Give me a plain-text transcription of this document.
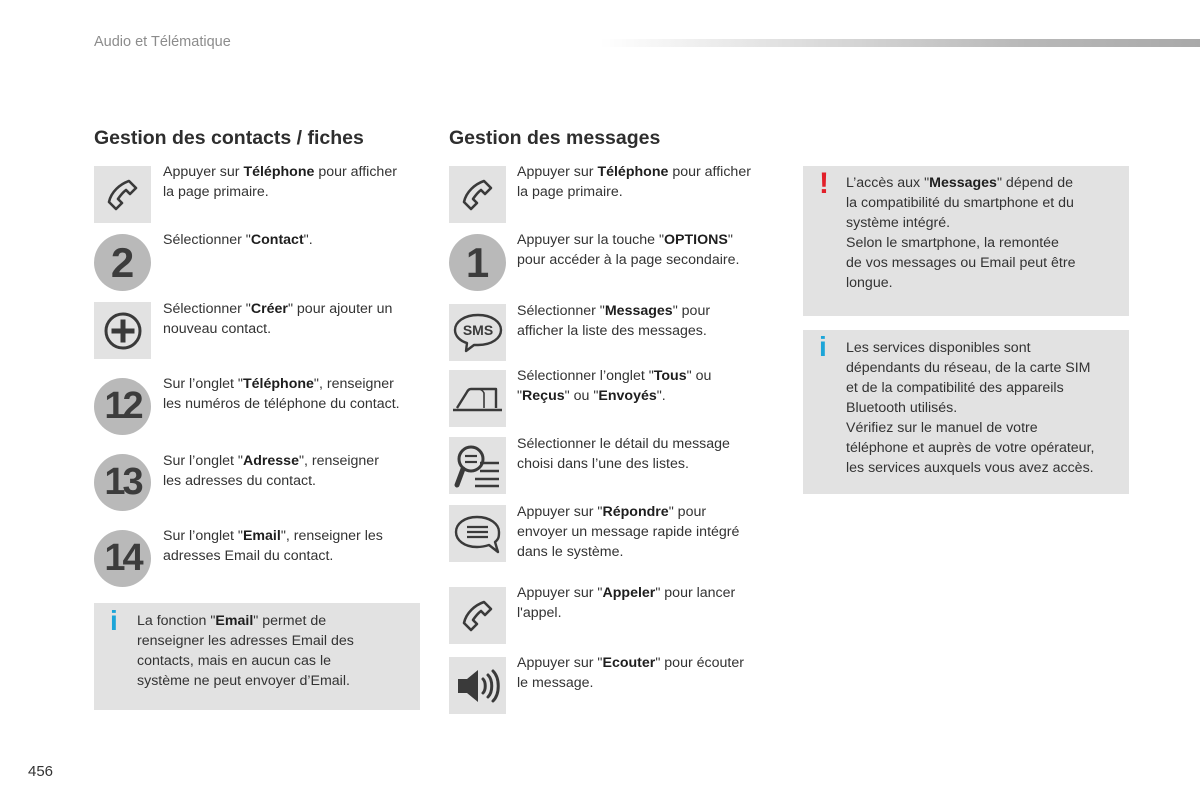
Audio et Télématique
Gestion des contacts / fiches
Appuyer sur Téléphone pour afficher
la page primaire.
2	Sélectionner "Contact".
Sélectionner "Créer" pour ajouter un
nouveau contact.
12
Sur l’onglet "Téléphone", renseigner
les numéros de téléphone du contact.
13	Sur l’onglet "Adresse", renseigner
les adresses du contact.
14
Sur l’onglet "Email", renseigner les
adresses Email du contact.
i La fonction "Email" permet de
renseigner les adresses Email des
contacts, mais en aucun cas le
système ne peut envoyer d’Email.
Gestion des messages
Appuyer sur Téléphone pour afficher
la page primaire.
1	Appuyer sur la touche "OPTIONS"
pour accéder à la page secondaire.
SMS
Sélectionner "Messages" pour
afficher la liste des messages.
Sélectionner l’onglet "Tous" ou
"Reçus" ou "Envoyés".
Sélectionner le détail du message
choisi dans l’une des listes.
Appuyer sur "Répondre" pour
envoyer un message rapide intégré
dans le système.
Appuyer sur "Appeler" pour lancer
l'appel.
Appuyer sur "Ecouter" pour écouter
le message.
! L’accès aux "Messages" dépend de
la compatibilité du smartphone et du
système intégré.
Selon le smartphone, la remontée
de vos messages ou Email peut être
longue.
i Les services disponibles sont
dépendants du réseau, de la carte SIM
et de la compatibilité des appareils
Bluetooth utilisés.
Vérifiez sur le manuel de votre
téléphone et auprès de votre opérateur,
les services auxquels vous avez accès.
456
